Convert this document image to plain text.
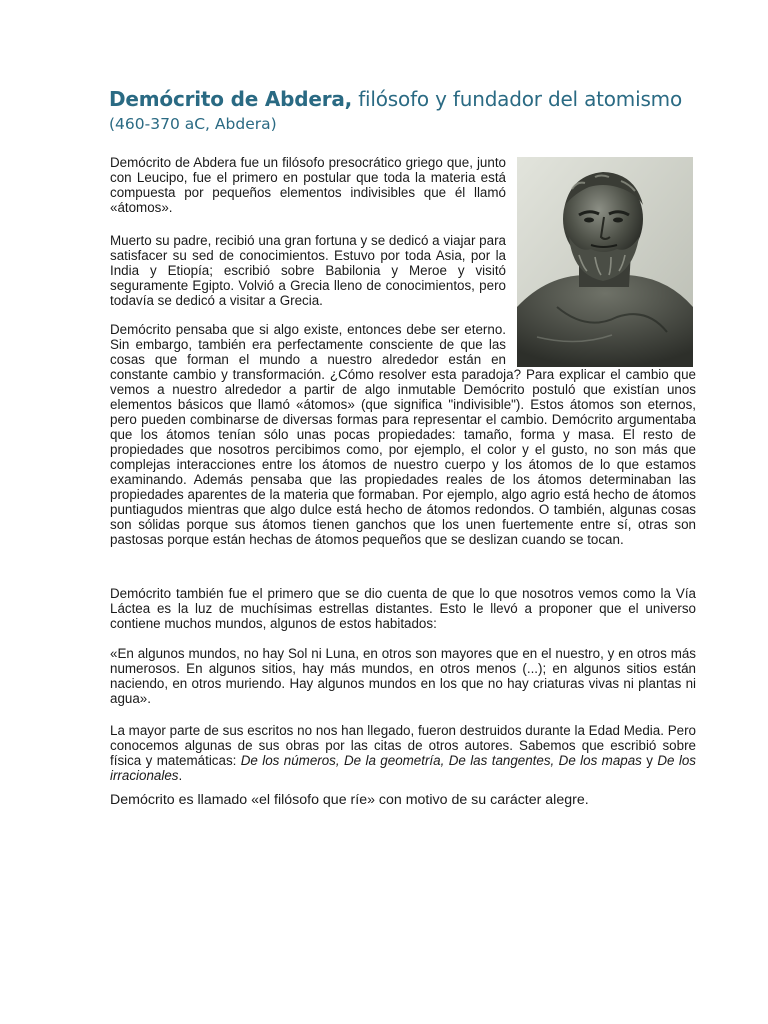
Demócrito de Abdera, filósofo y fundador del atomismo
(460-370 aC, Abdera)

Demócrito de Abdera fue un filósofo presocrático griego que, junto con Leucipo, fue el primero en postular que toda la materia está compuesta por pequeños elementos indivisibles que él llamó «átomos».

Muerto su padre, recibió una gran fortuna y se dedicó a viajar para satisfacer su sed de conocimientos. Estuvo por toda Asia, por la India y Etiopía; escribió sobre Babilonia y Meroe y visitó seguramente Egipto. Volvió a Grecia lleno de conocimientos, pero todavía se dedicó a visitar a Grecia.

Demócrito pensaba que si algo existe, entonces debe ser eterno. Sin embargo, también era perfectamente consciente de que las cosas que forman el mundo a nuestro alrededor están en constante cambio y transformación. ¿Cómo resolver esta paradoja? Para explicar el cambio que vemos a nuestro alrededor a partir de algo inmutable Demócrito postuló que existían unos elementos básicos que llamó «átomos» (que significa "indivisible"). Estos átomos son eternos, pero pueden combinarse de diversas formas para representar el cambio. Demócrito argumentaba que los átomos tenían sólo unas pocas propiedades: tamaño, forma y masa. El resto de propiedades que nosotros percibimos como, por ejemplo, el color y el gusto, no son más que complejas interacciones entre los átomos de nuestro cuerpo y los átomos de lo que estamos examinando. Además pensaba que las propiedades reales de los átomos determinaban las propiedades aparentes de la materia que formaban. Por ejemplo, algo agrio está hecho de átomos puntiagudos mientras que algo dulce está hecho de átomos redondos. O también, algunas cosas son sólidas porque sus átomos tienen ganchos que los unen fuertemente entre sí, otras son pastosas porque están hechas de átomos pequeños que se deslizan cuando se tocan.

Demócrito también fue el primero que se dio cuenta de que lo que nosotros vemos como la Vía Láctea es la luz de muchísimas estrellas distantes. Esto le llevó a proponer que el universo contiene muchos mundos, algunos de estos habitados:

«En algunos mundos, no hay Sol ni Luna, en otros son mayores que en el nuestro, y en otros más numerosos. En algunos sitios, hay más mundos, en otros menos (...); en algunos sitios están naciendo, en otros muriendo. Hay algunos mundos en los que no hay criaturas vivas ni plantas ni agua».

La mayor parte de sus escritos no nos han llegado, fueron destruidos durante la Edad Media. Pero conocemos algunas de sus obras por las citas de otros autores. Sabemos que escribió sobre física y matemáticas: De los números, De la geometría, De las tangentes, De los mapas y De los irracionales.

Demócrito es llamado «el filósofo que ríe» con motivo de su carácter alegre.
